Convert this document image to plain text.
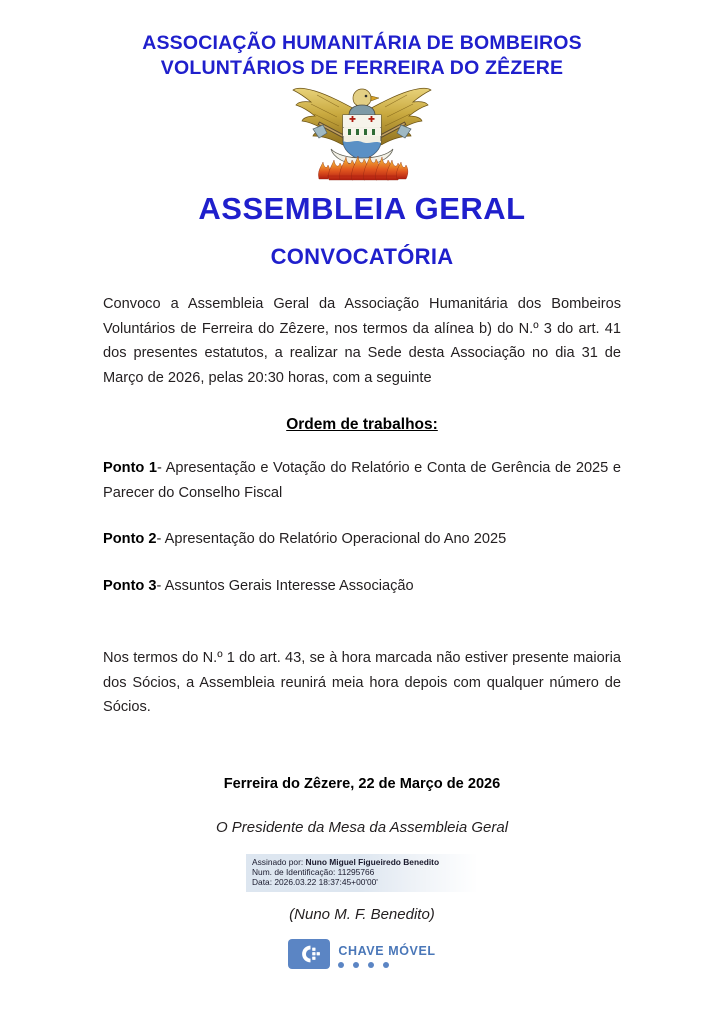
ASSOCIAÇÃO HUMANITÁRIA DE BOMBEIROS
VOLUNTÁRIOS DE FERREIRA DO ZÊZERE
ASSEMBLEIA GERAL
CONVOCATÓRIA

Convoco a Assembleia Geral da Associação Humanitária dos Bombeiros Voluntários de Ferreira do Zêzere, nos termos da alínea b) do N.º 3 do art. 41 dos presentes estatutos, a realizar na Sede desta Associação no dia 31 de Março de 2026, pelas 20:30 horas, com a seguinte

Ordem de trabalhos:

Ponto 1- Apresentação e Votação do Relatório e Conta de Gerência de 2025 e Parecer do Conselho Fiscal

Ponto 2- Apresentação do Relatório Operacional do Ano 2025

Ponto 3- Assuntos Gerais Interesse Associação

Nos termos do N.º 1 do art. 43, se à hora marcada não estiver presente maioria dos Sócios, a Assembleia reunirá meia hora depois com qualquer número de Sócios.

Ferreira do Zêzere, 22 de Março de 2026
O Presidente da Mesa da Assembleia Geral
Assinado por: Nuno Miguel Figueiredo Benedito
Num. de Identificação: 11295766
Data: 2026.03.22 18:37:45+00'00'
(Nuno M. F. Benedito)
CHAVE MÓVEL
